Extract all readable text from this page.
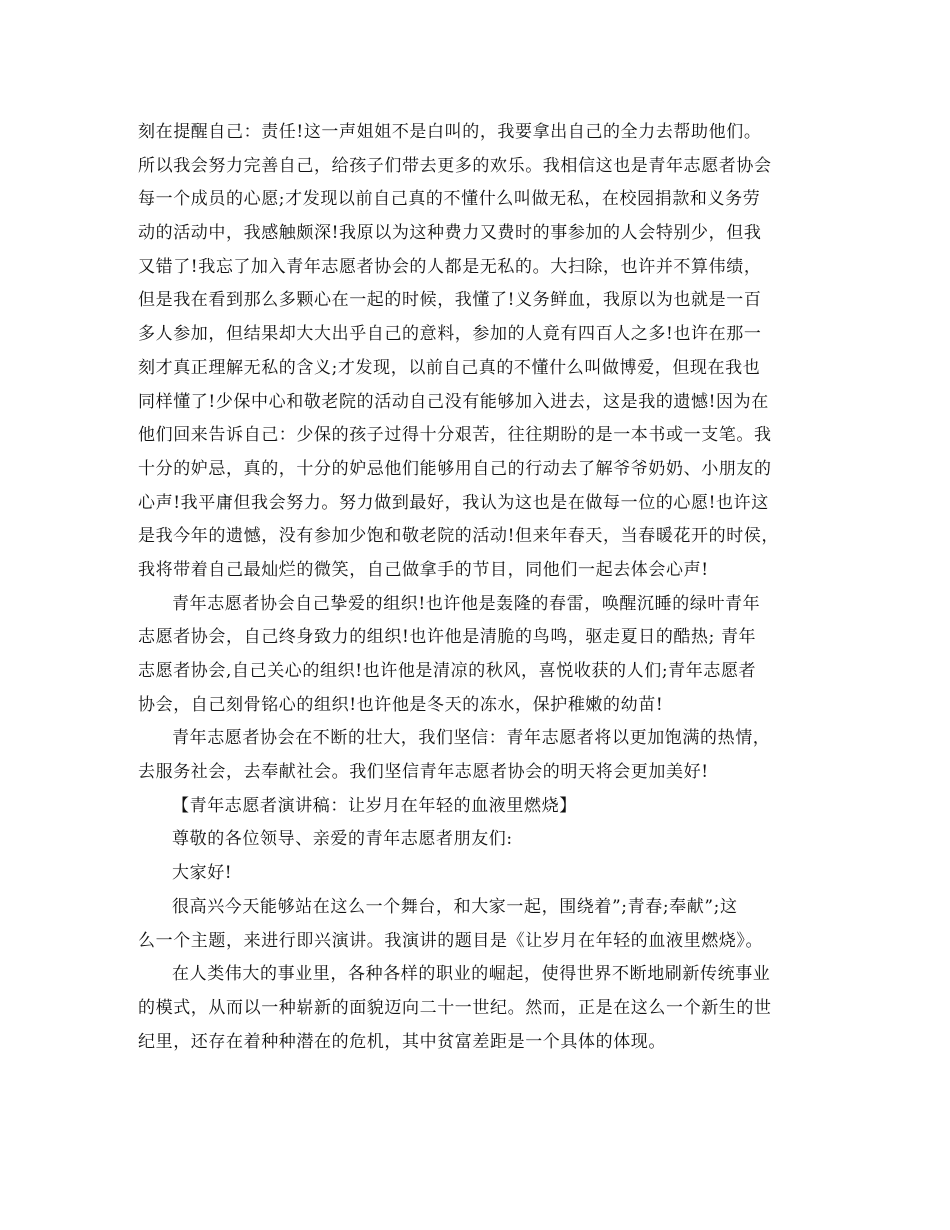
刻在提醒自己：责任!这一声姐姐不是白叫的，我要拿出自己的全力去帮助他们。
所以我会努力完善自己，给孩子们带去更多的欢乐。我相信这也是青年志愿者协会
每一个成员的心愿;才发现以前自己真的不懂什么叫做无私，在校园捐款和义务劳
动的活动中，我感触颇深!我原以为这种费力又费时的事参加的人会特别少，但我
又错了!我忘了加入青年志愿者协会的人都是无私的。大扫除，也许并不算伟绩，
但是我在看到那么多颗心在一起的时候，我懂了!义务鲜血，我原以为也就是一百
多人参加，但结果却大大出乎自己的意料，参加的人竟有四百人之多!也许在那一
刻才真正理解无私的含义;才发现，以前自己真的不懂什么叫做博爱，但现在我也
同样懂了!少保中心和敬老院的活动自己没有能够加入进去，这是我的遗憾!因为在
他们回来告诉自己：少保的孩子过得十分艰苦，往往期盼的是一本书或一支笔。我
十分的妒忌，真的，十分的妒忌他们能够用自己的行动去了解爷爷奶奶、小朋友的
心声!我平庸但我会努力。努力做到最好，我认为这也是在做每一位的心愿!也许这
是我今年的遗憾，没有参加少饱和敬老院的活动!但来年春天，当春暖花开的时侯，
我将带着自己最灿烂的微笑，自己做拿手的节目，同他们一起去体会心声!

青年志愿者协会自己挚爱的组织!也许他是轰隆的春雷，唤醒沉睡的绿叶青年
志愿者协会，自己终身致力的组织!也许他是清脆的鸟鸣，驱走夏日的酷热; 青年
志愿者协会,自己关心的组织!也许他是清凉的秋风，喜悦收获的人们;青年志愿者
协会，自己刻骨铭心的组织!也许他是冬天的冻水，保护稚嫩的幼苗!

青年志愿者协会在不断的壮大，我们坚信：青年志愿者将以更加饱满的热情，
去服务社会，去奉献社会。我们坚信青年志愿者协会的明天将会更加美好!

【青年志愿者演讲稿：让岁月在年轻的血液里燃烧】

尊敬的各位领导、亲爱的青年志愿者朋友们:

大家好!

很高兴今天能够站在这么一个舞台，和大家一起，围绕着”;青春;奉献”;这
么一个主题，来进行即兴演讲。我演讲的题目是《让岁月在年轻的血液里燃烧》。

在人类伟大的事业里，各种各样的职业的崛起，使得世界不断地刷新传统事业
的模式，从而以一种崭新的面貌迈向二十一世纪。然而，正是在这么一个新生的世
纪里，还存在着种种潜在的危机，其中贫富差距是一个具体的体现。
